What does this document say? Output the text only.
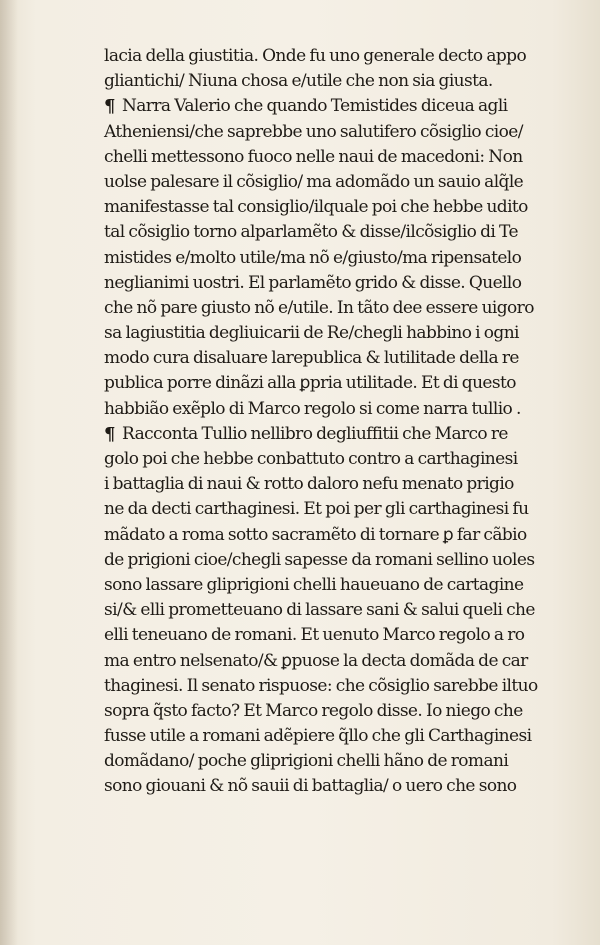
lacia della giustitia. Onde fu uno generale decto appo
gliantichi/ Niuna chosa e/utile che non sia giusta.
¶ Narra Valerio che quando Temistides diceua agli
Atheniensi/che saprebbe uno salutifero cõsiglio cioe/
chelli mettessono fuoco nelle naui de macedoni: Non
uolse palesare il cõsiglio/ ma adomãdo un sauio alq̃le
manifestasse tal consiglio/ilquale poi che hebbe udito
tal cõsiglio torno alparlamẽto & disse/ilcõsiglio di Te
mistides e/molto utile/ma nõ e/giusto/ma ripensatelo
neglianimi uostri. El parlamẽto grido & disse. Quello
che nõ pare giusto nõ e/utile. In tãto dee essere uigoro
sa lagiustitia degliuicarii de Re/chegli habbino i ogni
modo cura disaluare larepublica & lutilitade della re
publica porre dinãzi alla ꝑpria utilitade. Et di questo
habbião exẽplo di Marco regolo si come narra tullio .
¶ Racconta Tullio nellibro degliuffitii che Marco re
golo poi che hebbe conbattuto contro a carthaginesi
i battaglia di naui & rotto daloro nefu menato prigio
ne da decti carthaginesi. Et poi per gli carthaginesi fu
mãdato a roma sotto sacramẽto di tornare ꝑ far cãbio
de prigioni cioe/chegli sapesse da romani sellino uoles
sono lassare gliprigioni chelli haueuano de cartagine
si/& elli prometteuano di lassare sani & salui queli che
elli teneuano de romani. Et uenuto Marco regolo a ro
ma entro nelsenato/& ꝑpuose la decta domãda de car
thaginesi. Il senato rispuose: che cõsiglio sarebbe iltuo
sopra q̃sto facto? Et Marco regolo disse. Io niego che
fusse utile a romani adẽpiere q̃llo che gli Carthaginesi
domãdano/ poche gliprigioni chelli hãno de romani
sono giouani & nõ sauii di battaglia/ o uero che sono
